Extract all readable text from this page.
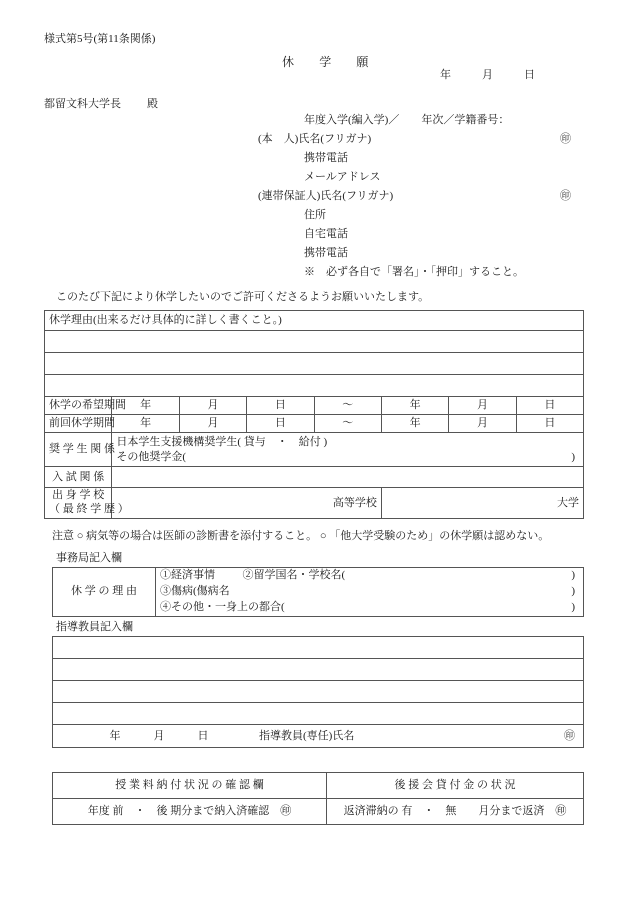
様式第5号(第11条関係)
休　学　願
年	月	日
都留文科大学長 殿
年度入学(編入学)／　　年次／学籍番号：
(本　人)氏名(フリガナ)	㊞
携帯電話
メールアドレス
(連帯保証人)氏名(フリガナ)	㊞
住所
自宅電話
携帯電話
※　必ず各自で「署名」・「押印」すること。
このたび下記により休学したいのでご許可くださるようお願いいたします。
休学理由(出来るだけ具体的に詳しく書くこと。)							

休学の希望期間	年	月	日	〜	年	月	日
前回休学期間	年	月	日	〜	年	月	日
奨 学 生 関 係	日本学生支援機構奨学生( 貸与　・　給付 )
その他奨学金( )						

入 試 関 係							

出 身 学 校
（ 最 終 学 歴 ）	高等学校				大学		
注意 ○ 病気等の場合は医師の診断書を添付すること。 ○ 「他大学受験のため」の休学願は認めない。
事務局記入欄
休 学 の 理 由	
①経済事情	②留学国名・学校名(	)
③傷病(傷病名	)
④その他・一身上の都合(	)
指導教員記入欄

年	月	日	指導教員(専任)氏名	㊞
授 業 料 納 付 状 況 の 確 認 欄	後 援 会 貸 付 金 の 状 況
年度 前　・　後 期分まで納入済確認　㊞	返済滞納の 有　・　無　　月分まで返済　㊞
